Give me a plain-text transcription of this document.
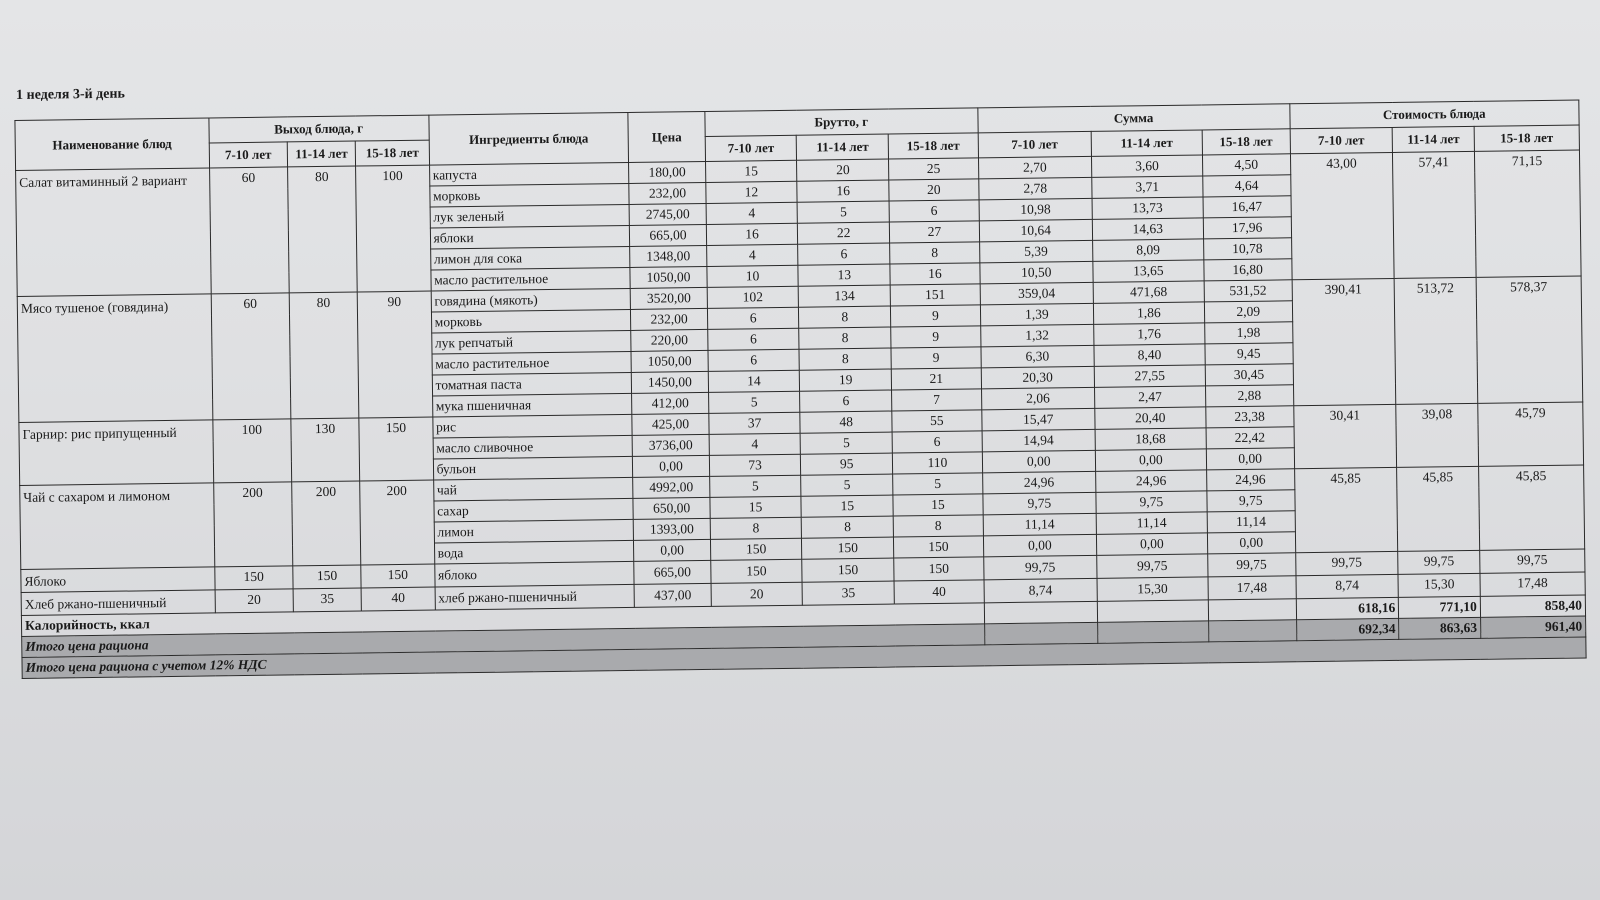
1 неделя 3-й день
Наименование блюд	Выход блюда, г			Ингредиенты блюда	Цена	Брутто, г			Сумма			Стоимость блюда		
	7-10 лет	11-14 лет	15-18 лет			7-10 лет	11-14 лет	15-18 лет	7-10 лет	11-14 лет	15-18 лет	7-10 лет	11-14 лет	15-18 лет
Салат витаминный 2 вариант	60	80	100	капуста	180,00	15	20	25	2,70	3,60	4,50	43,00	57,41	71,15
				морковь	232,00	12	16	20	2,78	3,71	4,64			
				лук зеленый	2745,00	4	5	6	10,98	13,73	16,47			
				яблоки	665,00	16	22	27	10,64	14,63	17,96			
				лимон для сока	1348,00	4	6	8	5,39	8,09	10,78			
				масло растительное	1050,00	10	13	16	10,50	13,65	16,80			
Мясо тушеное (говядина)	60	80	90	говядина (мякоть)	3520,00	102	134	151	359,04	471,68	531,52	390,41	513,72	578,37
				морковь	232,00	6	8	9	1,39	1,86	2,09			
				лук репчатый	220,00	6	8	9	1,32	1,76	1,98			
				масло растительное	1050,00	6	8	9	6,30	8,40	9,45			
				томатная паста	1450,00	14	19	21	20,30	27,55	30,45			
				мука пшеничная	412,00	5	6	7	2,06	2,47	2,88			
Гарнир: рис припущенный	100	130	150	рис	425,00	37	48	55	15,47	20,40	23,38	30,41	39,08	45,79
				масло сливочное	3736,00	4	5	6	14,94	18,68	22,42			
				бульон	0,00	73	95	110	0,00	0,00	0,00			
Чай с сахаром и лимоном	200	200	200	чай	4992,00	5	5	5	24,96	24,96	24,96	45,85	45,85	45,85
				сахар	650,00	15	15	15	9,75	9,75	9,75			
				лимон	1393,00	8	8	8	11,14	11,14	11,14			
				вода	0,00	150	150	150	0,00	0,00	0,00			
Яблоко	150	150	150	яблоко	665,00	150	150	150	99,75	99,75	99,75	99,75	99,75	99,75
Хлеб ржано-пшеничный	20	35	40	хлеб ржано-пшеничный	437,00	20	35	40	8,74	15,30	17,48	8,74	15,30	17,48
Калорийность, ккал												618,16	771,10	858,40
Итого цена рациона												692,34	863,63	961,40
Итого цена рациона с учетом 12% НДС														
